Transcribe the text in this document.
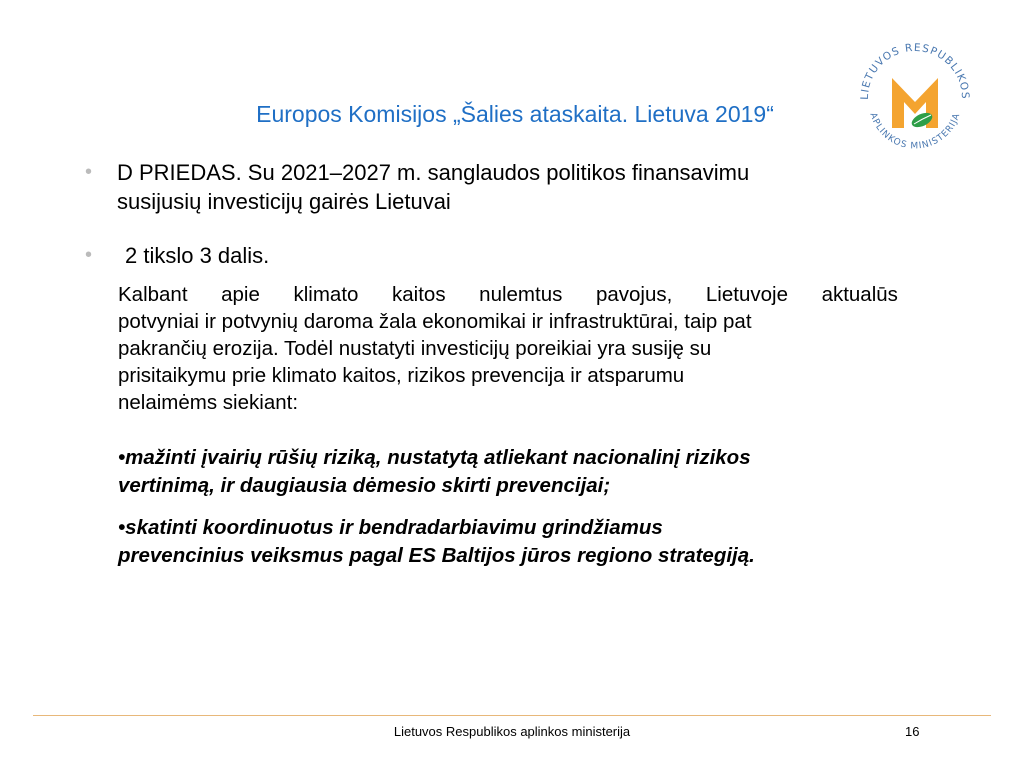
Europos Komisijos „Šalies ataskaita. Lietuva 2019“
LIETUVOS RESPUBLIKOS
APLINKOS MINISTERIJA
• D PRIEDAS. Su 2021–2027 m. sanglaudos politikos finansavimu
susijusių investicijų gairės Lietuvai
• 2 tikslo 3 dalis.
Kalbant apie klimato kaitos nulemtus pavojus, Lietuvoje aktualūs
potvyniai ir potvynių daroma žala ekonomikai ir infrastruktūrai, taip pat
pakrančių erozija. Todėl nustatyti investicijų poreikiai yra susiję su
prisitaikymu prie klimato kaitos, rizikos prevencija ir atsparumu
nelaimėms siekiant:
•mažinti įvairių rūšių riziką, nustatytą atliekant nacionalinį rizikos
vertinimą, ir daugiausia dėmesio skirti prevencijai;
•skatinti koordinuotus ir bendradarbiavimu grindžiamus
prevencinius veiksmus pagal ES Baltijos jūros regiono strategiją.
Lietuvos Respublikos aplinkos ministerija	16
